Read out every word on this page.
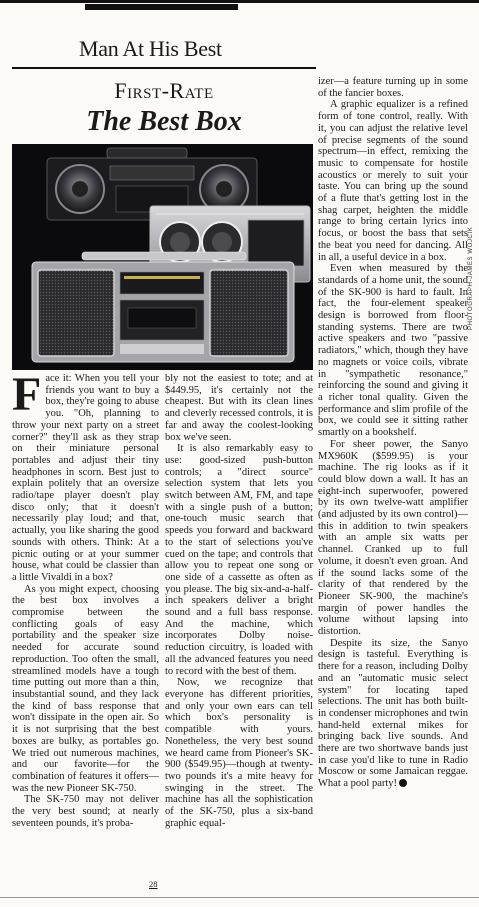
Man At His Best
First-Rate
The Best Box
PHOTOGRAPH-JAMES WOJCIK

Face it: When you tell your friends you want to buy a box, they're going to abuse you. "Oh, planning to throw your next party on a street corner?" they'll ask as they strap on their miniature personal portables and adjust their tiny headphones in scorn. Best just to explain politely that an oversize radio/tape player doesn't play disco only; that it doesn't necessarily play loud; and that, actually, you like sharing the good sounds with others. Think: At a picnic outing or at your summer house, what could be classier than a little Vivaldi in a box?

As you might expect, choosing the best box involves a compromise between the conflicting goals of easy portability and the speaker size needed for accurate sound reproduction. Too often the small, streamlined models have a tough time putting out more than a thin, insubstantial sound, and they lack the kind of bass response that won't dissipate in the open air. So it is not surprising that the best boxes are bulky, as portables go. We tried out numerous machines, and our favorite—for the combination of features it offers—was the new Pioneer SK-750.

The SK-750 may not deliver the very best sound; at nearly seventeen pounds, it's proba-

bly not the easiest to tote; and at $449.95, it's certainly not the cheapest. But with its clean lines and cleverly recessed controls, it is far and away the coolest-looking box we've seen.

It is also remarkably easy to use: good-sized push-button controls; a "direct source" selection system that lets you switch between AM, FM, and tape with a single push of a button; one-touch music search that speeds you forward and backward to the start of selections you've cued on the tape; and controls that allow you to repeat one song or one side of a cassette as often as you please. The big six-and-a-half-inch speakers deliver a bright sound and a full bass response. And the machine, which incorporates Dolby noise-reduction circuitry, is loaded with all the advanced features you need to record with the best of them.

Now, we recognize that everyone has different priorities, and only your own ears can tell which box's personality is compatible with yours. Nonetheless, the very best sound we heard came from Pioneer's SK-900 ($549.95)—though at twenty-two pounds it's a mite heavy for swinging in the street. The machine has all the sophistication of the SK-750, plus a six-band graphic equal-

izer—a feature turning up in some of the fancier boxes.

A graphic equalizer is a refined form of tone control, really. With it, you can adjust the relative level of precise segments of the sound spectrum—in effect, remixing the music to compensate for hostile acoustics or merely to suit your taste. You can bring up the sound of a flute that's getting lost in the shag carpet, heighten the middle range to bring certain lyrics into focus, or boost the bass that sets the beat you need for dancing. All in all, a useful device in a box.

Even when measured by the standards of a home unit, the sound of the SK-900 is hard to fault. In fact, the four-element speaker design is borrowed from floor-standing systems. There are two active speakers and two "passive radiators," which, though they have no magnets or voice coils, vibrate in "sympathetic resonance," reinforcing the sound and giving it a richer tonal quality. Given the performance and slim profile of the box, we could see it sitting rather smartly on a bookshelf.

For sheer power, the Sanyo MX960K ($599.95) is your machine. The rig looks as if it could blow down a wall. It has an eight-inch superwoofer, powered by its own twelve-watt amplifier (and adjusted by its own control)—this in addition to twin speakers with an ample six watts per channel. Cranked up to full volume, it doesn't even groan. And if the sound lacks some of the clarity of that rendered by the Pioneer SK-900, the machine's margin of power handles the volume without lapsing into distortion.

Despite its size, the Sanyo design is tasteful. Everything is there for a reason, including Dolby and an "automatic music select system" for locating taped selections. The unit has both built-in condenser microphones and twin hand-held external mikes for bringing back live sounds. And there are two shortwave bands just in case you'd like to tune in Radio Moscow or some Jamaican reggae. What a pool party!

28
